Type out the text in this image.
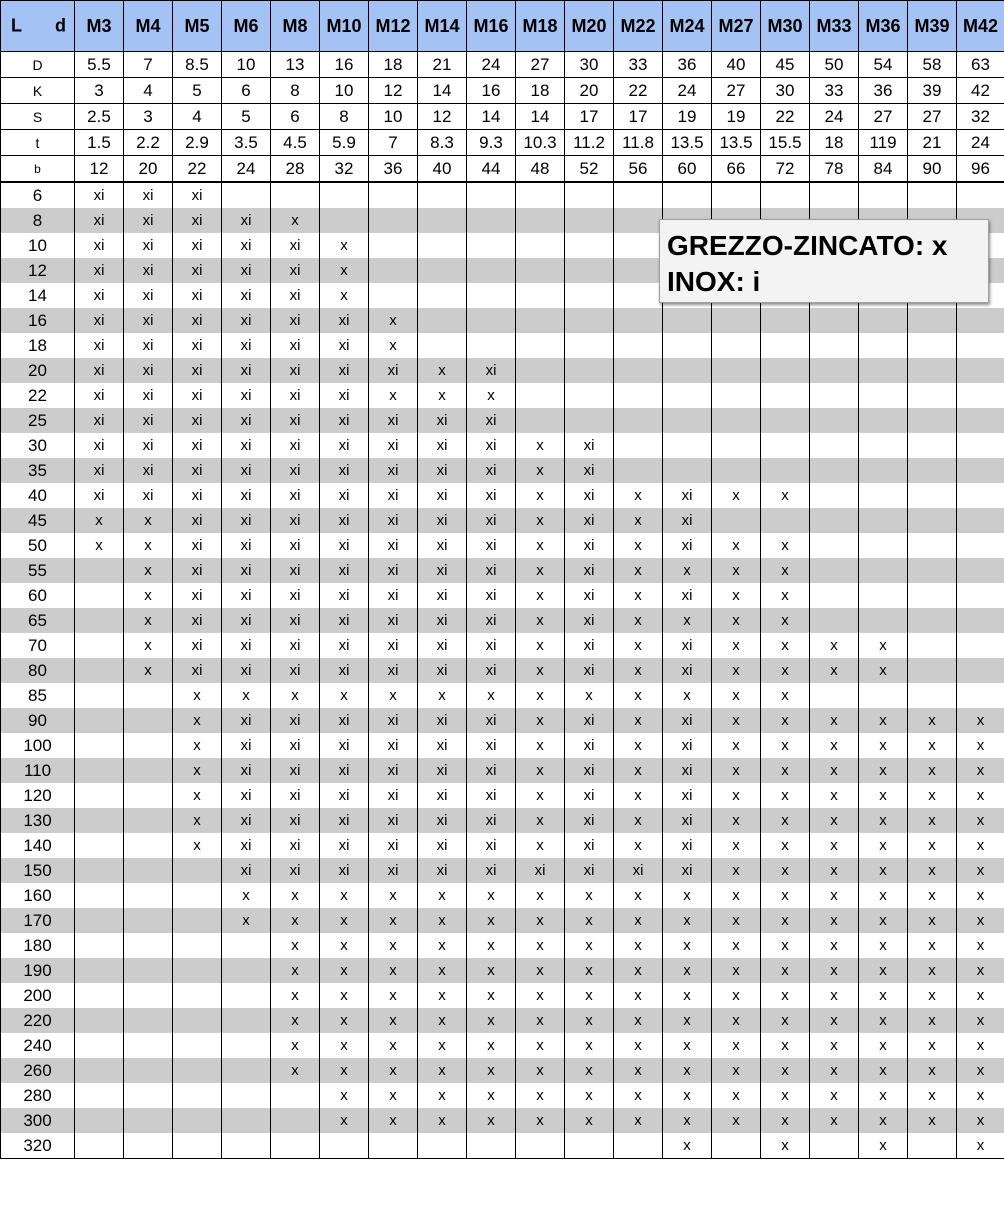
L d	M3	M4	M5	M6	M8	M10	M12	M14	M16	M18	M20	M22	M24	M27	M30	M33	M36	M39	M42
D	5.5	7	8.5	10	13	16	18	21	24	27	30	33	36	40	45	50	54	58	63
K	3	4	5	6	8	10	12	14	16	18	20	22	24	27	30	33	36	39	42
S	2.5	3	4	5	6	8	10	12	14	14	17	17	19	19	22	24	27	27	32
t	1.5	2.2	2.9	3.5	4.5	5.9	7	8.3	9.3	10.3	11.2	11.8	13.5	13.5	15.5	18	119	21	24
b	12	20	22	24	28	32	36	40	44	48	52	56	60	66	72	78	84	90	96
6	xi	xi	xi																
8	xi	xi	xi	xi	x														
10	xi	xi	xi	xi	xi	x													
12	xi	xi	xi	xi	xi	x													
14	xi	xi	xi	xi	xi	x													
16	xi	xi	xi	xi	xi	xi	x												
18	xi	xi	xi	xi	xi	xi	x												
20	xi	xi	xi	xi	xi	xi	xi	x	xi										
22	xi	xi	xi	xi	xi	xi	x	x	x										
25	xi	xi	xi	xi	xi	xi	xi	xi	xi										
30	xi	xi	xi	xi	xi	xi	xi	xi	xi	x	xi								
35	xi	xi	xi	xi	xi	xi	xi	xi	xi	x	xi								
40	xi	xi	xi	xi	xi	xi	xi	xi	xi	x	xi	x	xi	x	x				
45	x	x	xi	xi	xi	xi	xi	xi	xi	x	xi	x	xi						
50	x	x	xi	xi	xi	xi	xi	xi	xi	x	xi	x	xi	x	x				
55		x	xi	xi	xi	xi	xi	xi	xi	x	xi	x	x	x	x				
60		x	xi	xi	xi	xi	xi	xi	xi	x	xi	x	xi	x	x				
65		x	xi	xi	xi	xi	xi	xi	xi	x	xi	x	x	x	x				
70		x	xi	xi	xi	xi	xi	xi	xi	x	xi	x	xi	x	x	x	x		
80		x	xi	xi	xi	xi	xi	xi	xi	x	xi	x	xi	x	x	x	x		
85			x	x	x	x	x	x	x	x	x	x	x	x	x				
90			x	xi	xi	xi	xi	xi	xi	x	xi	x	xi	x	x	x	x	x	x
100			x	xi	xi	xi	xi	xi	xi	x	xi	x	xi	x	x	x	x	x	x
110			x	xi	xi	xi	xi	xi	xi	x	xi	x	xi	x	x	x	x	x	x
120			x	xi	xi	xi	xi	xi	xi	x	xi	x	xi	x	x	x	x	x	x
130			x	xi	xi	xi	xi	xi	xi	x	xi	x	xi	x	x	x	x	x	x
140			x	xi	xi	xi	xi	xi	xi	x	xi	x	xi	x	x	x	x	x	x
150				xi	xi	xi	xi	xi	xi	xi	xi	xi	xi	x	x	x	x	x	x
160				x	x	x	x	x	x	x	x	x	x	x	x	x	x	x	x
170				x	x	x	x	x	x	x	x	x	x	x	x	x	x	x	x
180					x	x	x	x	x	x	x	x	x	x	x	x	x	x	x
190					x	x	x	x	x	x	x	x	x	x	x	x	x	x	x
200					x	x	x	x	x	x	x	x	x	x	x	x	x	x	x
220					x	x	x	x	x	x	x	x	x	x	x	x	x	x	x
240					x	x	x	x	x	x	x	x	x	x	x	x	x	x	x
260					x	x	x	x	x	x	x	x	x	x	x	x	x	x	x
280						x	x	x	x	x	x	x	x	x	x	x	x	x	x
300						x	x	x	x	x	x	x	x	x	x	x	x	x	x
320													x		x		x		x
GREZZO-ZINCATO: x
INOX: i
